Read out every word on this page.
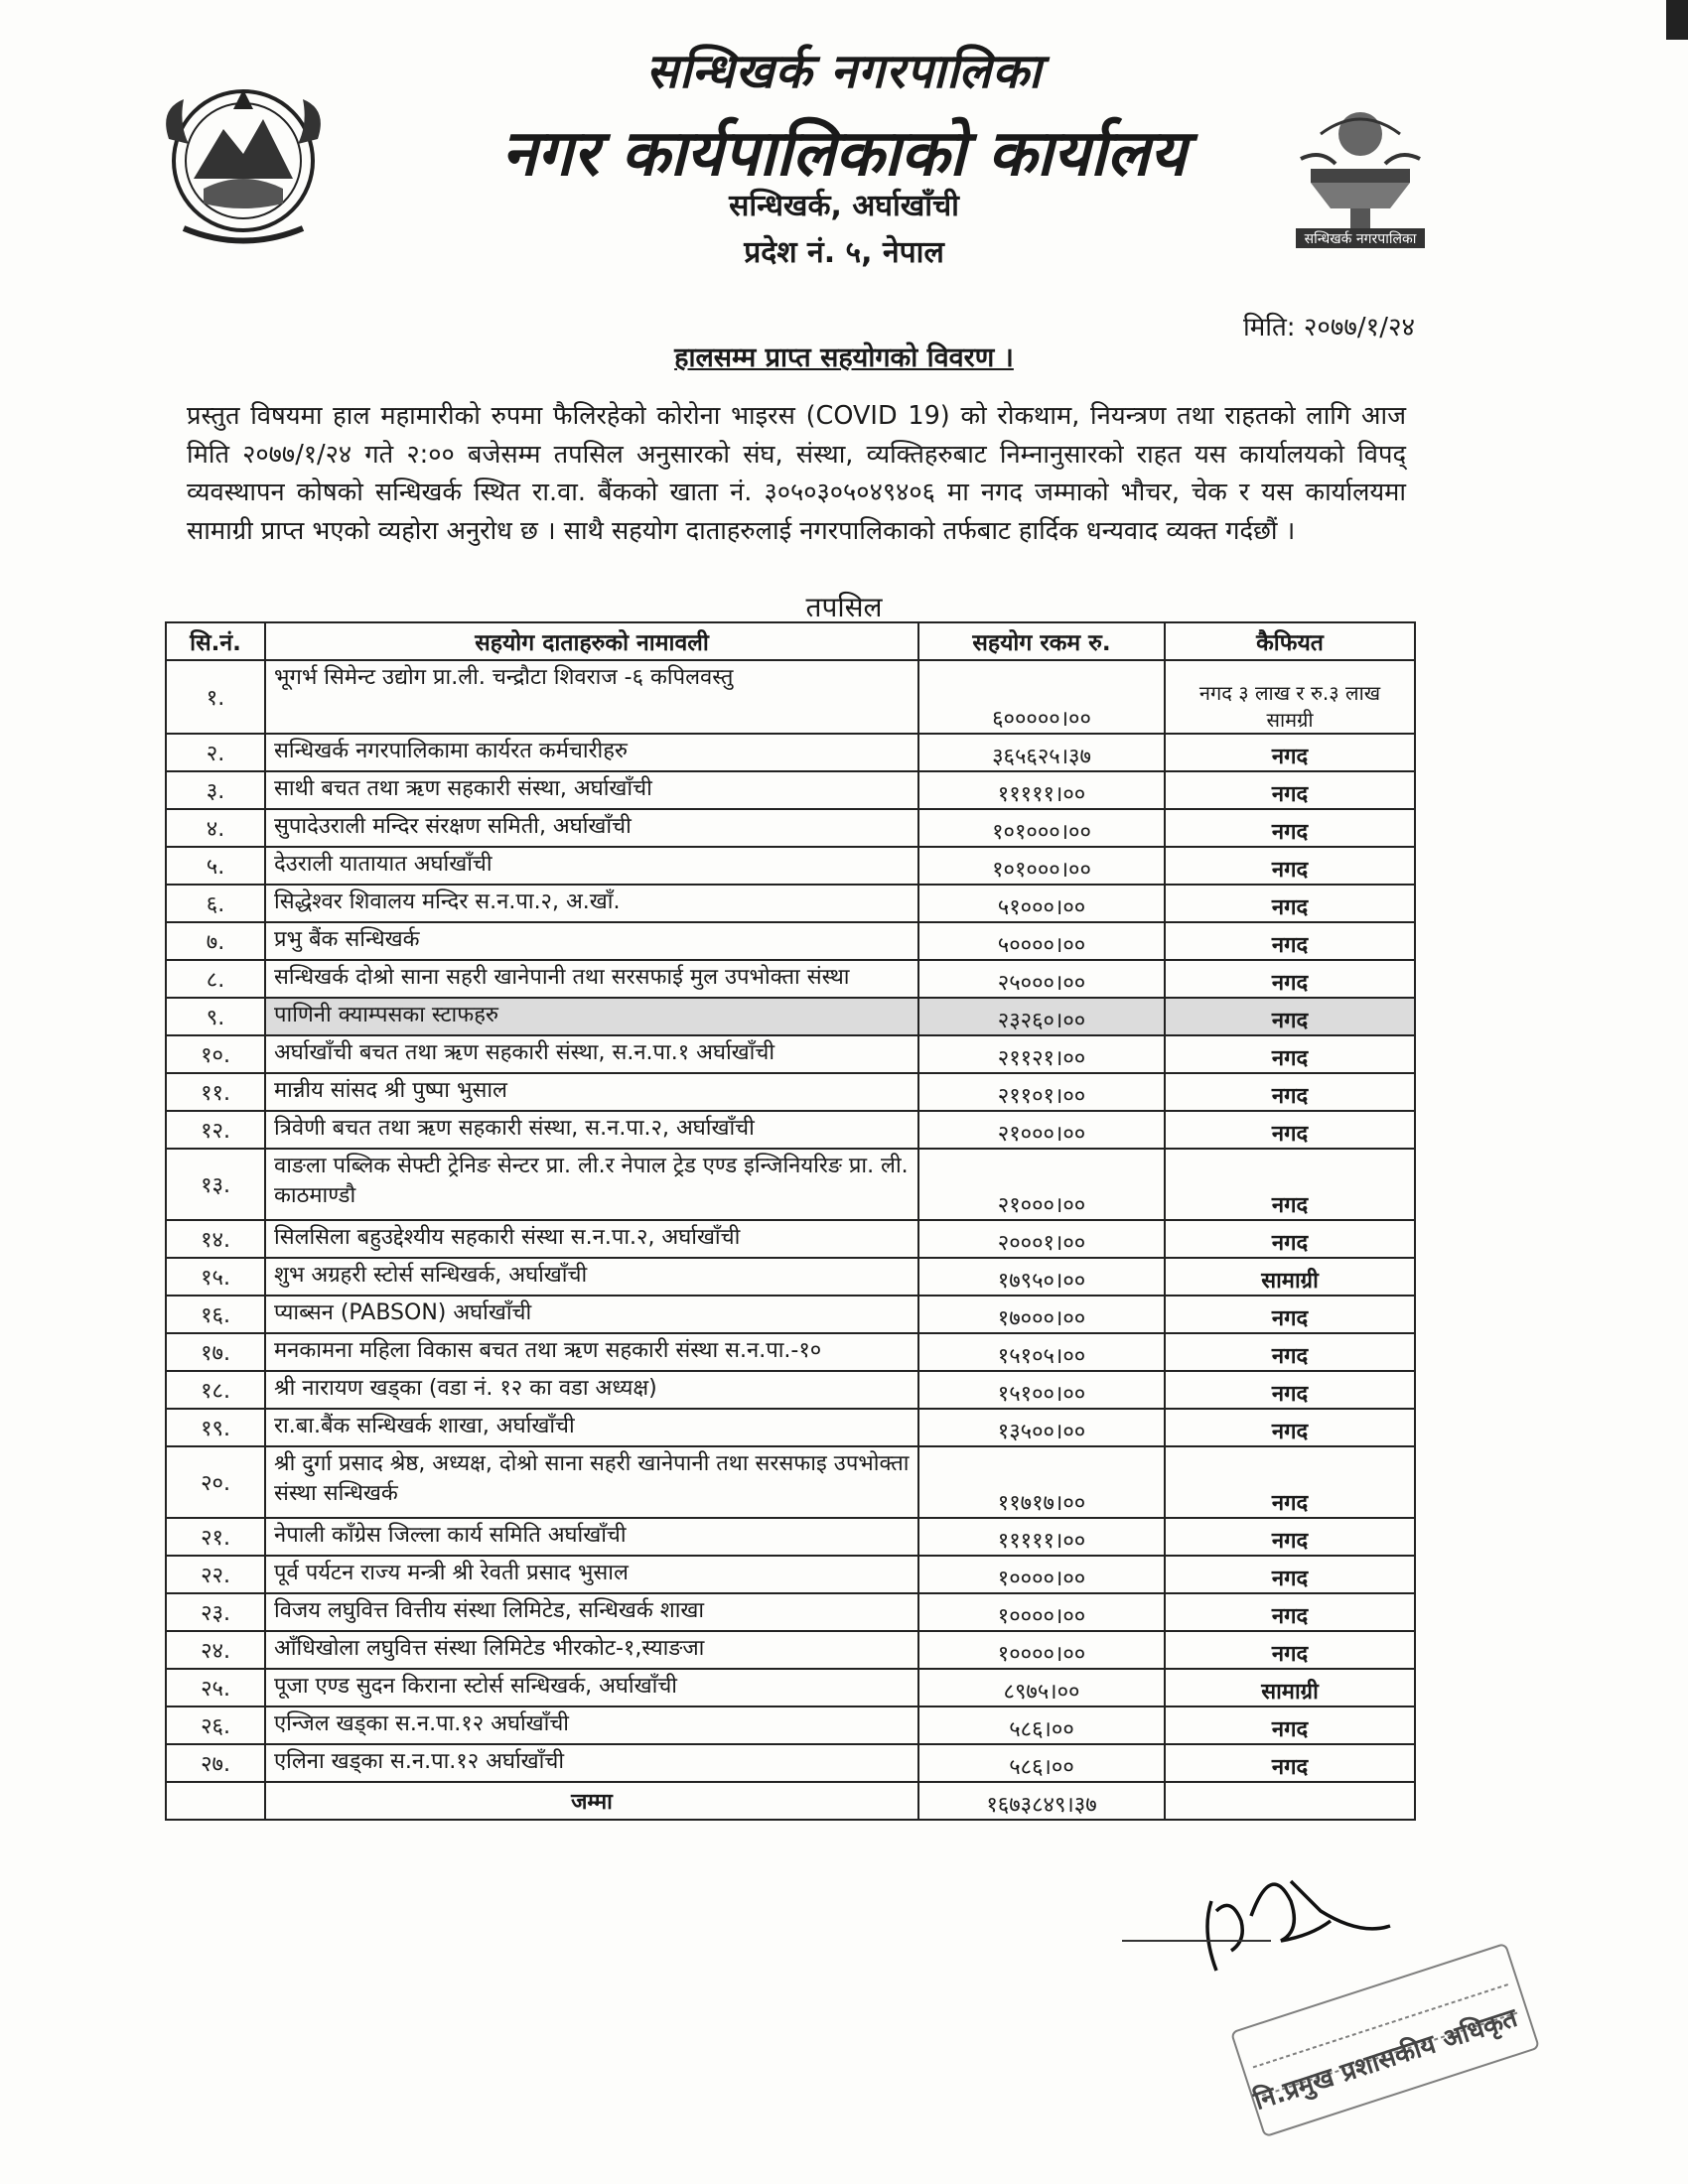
सन्धिखर्क नगरपालिका
सन्धिखर्क नगरपालिका
नगर कार्यपालिकाको कार्यालय
सन्धिखर्क, अर्घाखाँची
प्रदेश नं. ५, नेपाल
मिति: २०७७/१/२४
हालसम्म प्राप्त सहयोगको विवरण ।
प्रस्तुत विषयमा हाल महामारीको रुपमा फैलिरहेको कोरोना भाइरस (COVID 19) को रोकथाम, नियन्त्रण तथा राहतको लागि आज मिति २०७७/१/२४ गते २:०० बजेसम्म तपसिल अनुसारको संघ, संस्था, व्यक्तिहरुबाट निम्नानुसारको राहत यस कार्यालयको विपद् व्यवस्थापन कोषको सन्धिखर्क स्थित रा.वा. बैंकको खाता नं. ३०५०३०५०४९४०६ मा नगद जम्माको भौचर, चेक र यस कार्यालयमा सामाग्री प्राप्त भएको व्यहोरा अनुरोध छ । साथै सहयोग दाताहरुलाई नगरपालिकाको तर्फबाट हार्दिक धन्यवाद व्यक्त गर्दछौं ।
तपसिल
सि.नं.	सहयोग दाताहरुको नामावली	सहयोग रकम रु.	कैफियत
१.	भूगर्भ सिमेन्ट उद्योग प्रा.ली. चन्द्रौटा शिवराज -६ कपिलवस्तु	६०००००।००	नगद ३ लाख र रु.३ लाख सामग्री
२.	सन्धिखर्क नगरपालिकामा कार्यरत कर्मचारीहरु	३६५६२५।३७	नगद
३.	साथी बचत तथा ऋण सहकारी संस्था, अर्घाखाँची	१११११।००	नगद
४.	सुपादेउराली मन्दिर संरक्षण समिती, अर्घाखाँची	१०१०००।००	नगद
५.	देउराली यातायात अर्घाखाँची	१०१०००।००	नगद
६.	सिद्धेश्वर शिवालय मन्दिर स.न.पा.२, अ.खाँ.	५१०००।००	नगद
७.	प्रभु बैंक सन्धिखर्क	५००००।००	नगद
८.	सन्धिखर्क दोश्रो साना सहरी खानेपानी तथा सरसफाई मुल उपभोक्ता संस्था	२५०००।००	नगद
९.	पाणिनी क्याम्पसका स्टाफहरु	२३२६०।००	नगद
१०.	अर्घाखाँची बचत तथा ऋण सहकारी संस्था, स.न.पा.१ अर्घाखाँची	२११२१।००	नगद
११.	मान्नीय सांसद श्री पुष्पा भुसाल	२११०१।००	नगद
१२.	त्रिवेणी बचत तथा ऋण सहकारी संस्था, स.न.पा.२, अर्घाखाँची	२१०००।००	नगद
१३.	वाङला पब्लिक सेफ्टी ट्रेनिङ सेन्टर प्रा. ली.र नेपाल ट्रेड एण्ड इन्जिनियरिङ प्रा. ली. काठमाण्डौ	२१०००।००	नगद
१४.	सिलसिला बहुउद्देश्यीय सहकारी संस्था स.न.पा.२, अर्घाखाँची	२०००१।००	नगद
१५.	शुभ अग्रहरी स्टोर्स सन्धिखर्क, अर्घाखाँची	१७९५०।००	सामाग्री
१६.	प्याब्सन (PABSON) अर्घाखाँची	१७०००।००	नगद
१७.	मनकामना महिला विकास बचत तथा ऋण सहकारी संस्था स.न.पा.-१०	१५१०५।००	नगद
१८.	श्री नारायण खड्का (वडा नं. १२ का वडा अध्यक्ष)	१५१००।००	नगद
१९.	रा.बा.बैंक सन्धिखर्क शाखा, अर्घाखाँची	१३५००।००	नगद
२०.	श्री दुर्गा प्रसाद श्रेष्ठ, अध्यक्ष, दोश्रो साना सहरी खानेपानी तथा सरसफाइ उपभोक्ता संस्था सन्धिखर्क	११७१७।००	नगद
२१.	नेपाली काँग्रेस जिल्ला कार्य समिति अर्घाखाँची	१११११।००	नगद
२२.	पूर्व पर्यटन राज्य मन्त्री श्री रेवती प्रसाद भुसाल	१००००।००	नगद
२३.	विजय लघुवित्त वित्तीय संस्था लिमिटेड, सन्धिखर्क शाखा	१००००।००	नगद
२४.	आँधिखोला लघुवित्त संस्था लिमिटेड भीरकोट-१,स्याङजा	१००००।००	नगद
२५.	पूजा एण्ड सुदन किराना स्टोर्स सन्धिखर्क, अर्घाखाँची	८९७५।००	सामाग्री
२६.	एन्जिल खड्का स.न.पा.१२ अर्घाखाँची	५८६।००	नगद
२७.	एलिना खड्का स.न.पा.१२ अर्घाखाँची	५८६।००	नगद
	जम्मा	१६७३८४९।३७	
नि.प्रमुख प्रशासकीय अधिकृत
